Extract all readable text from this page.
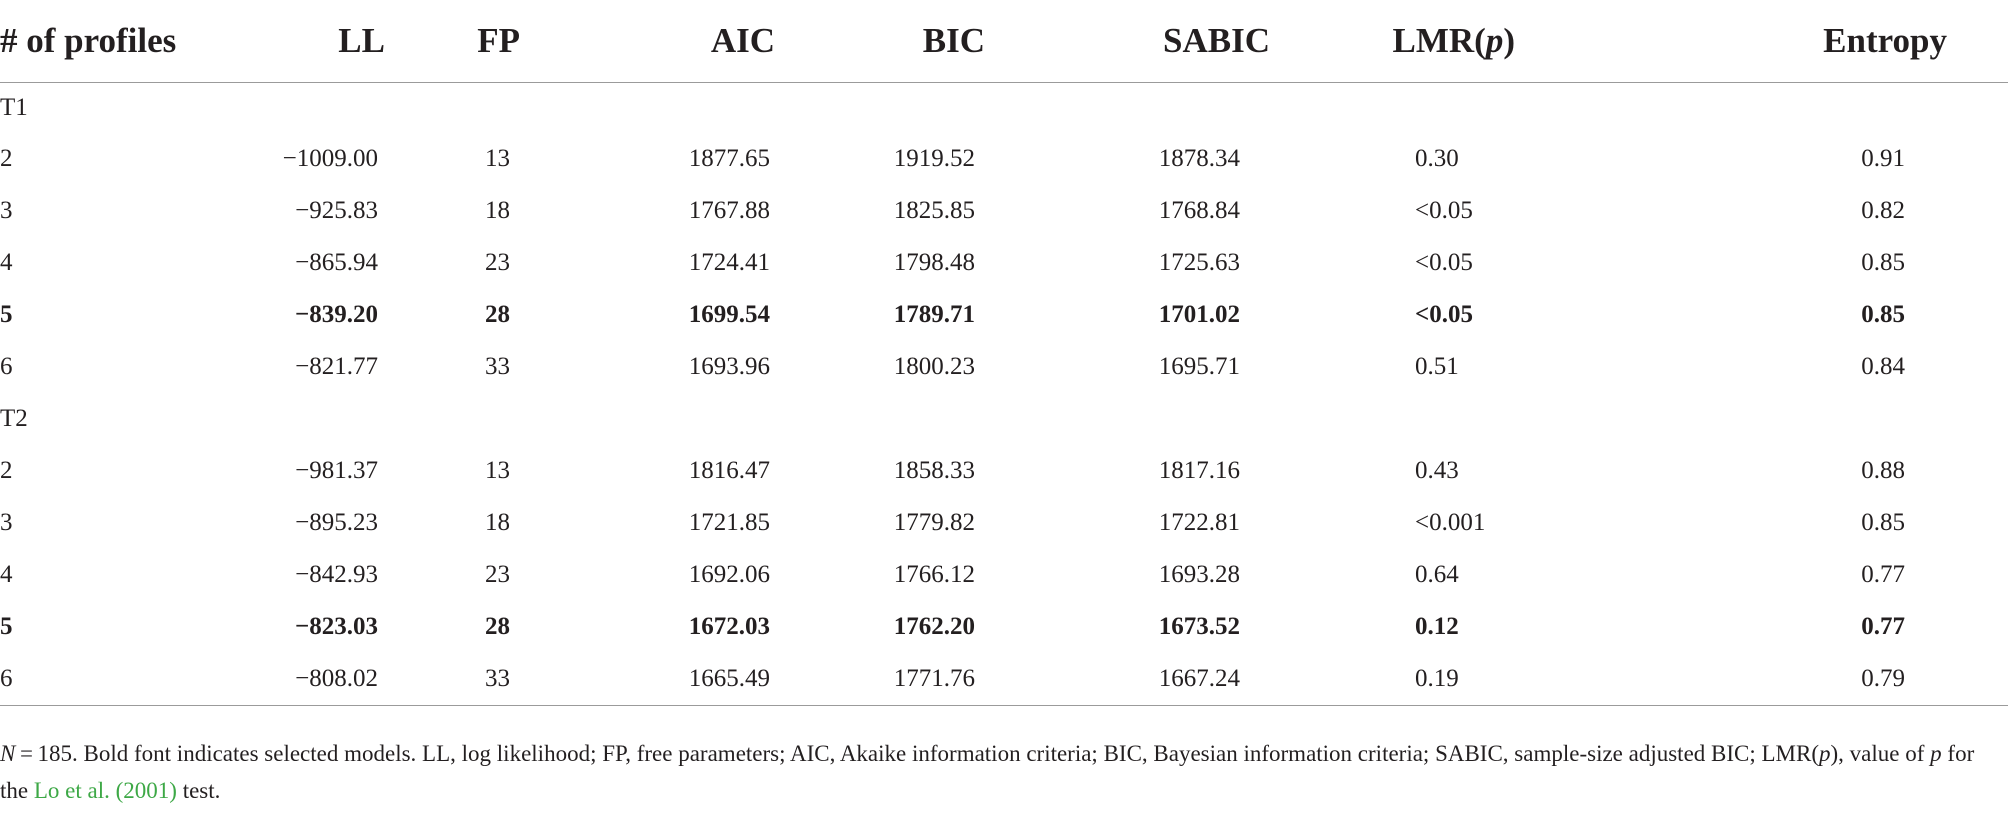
# of profiles	LL	FP	AIC	BIC	SABIC	LMR(p)	Entropy
T1							
2	−1009.00	13	1877.65	1919.52	1878.34	0.30	0.91
3	−925.83	18	1767.88	1825.85	1768.84	<0.05	0.82
4	−865.94	23	1724.41	1798.48	1725.63	<0.05	0.85
5	−839.20	28	1699.54	1789.71	1701.02	<0.05	0.85
6	−821.77	33	1693.96	1800.23	1695.71	0.51	0.84
T2							
2	−981.37	13	1816.47	1858.33	1817.16	0.43	0.88
3	−895.23	18	1721.85	1779.82	1722.81	<0.001	0.85
4	−842.93	23	1692.06	1766.12	1693.28	0.64	0.77
5	−823.03	28	1672.03	1762.20	1673.52	0.12	0.77
6	−808.02	33	1665.49	1771.76	1667.24	0.19	0.79
N = 185. Bold font indicates selected models. LL, log likelihood; FP, free parameters; AIC, Akaike information criteria; BIC, Bayesian information criteria; SABIC, sample-size adjusted BIC; LMR(p), value of p for the Lo et al. (2001) test.
